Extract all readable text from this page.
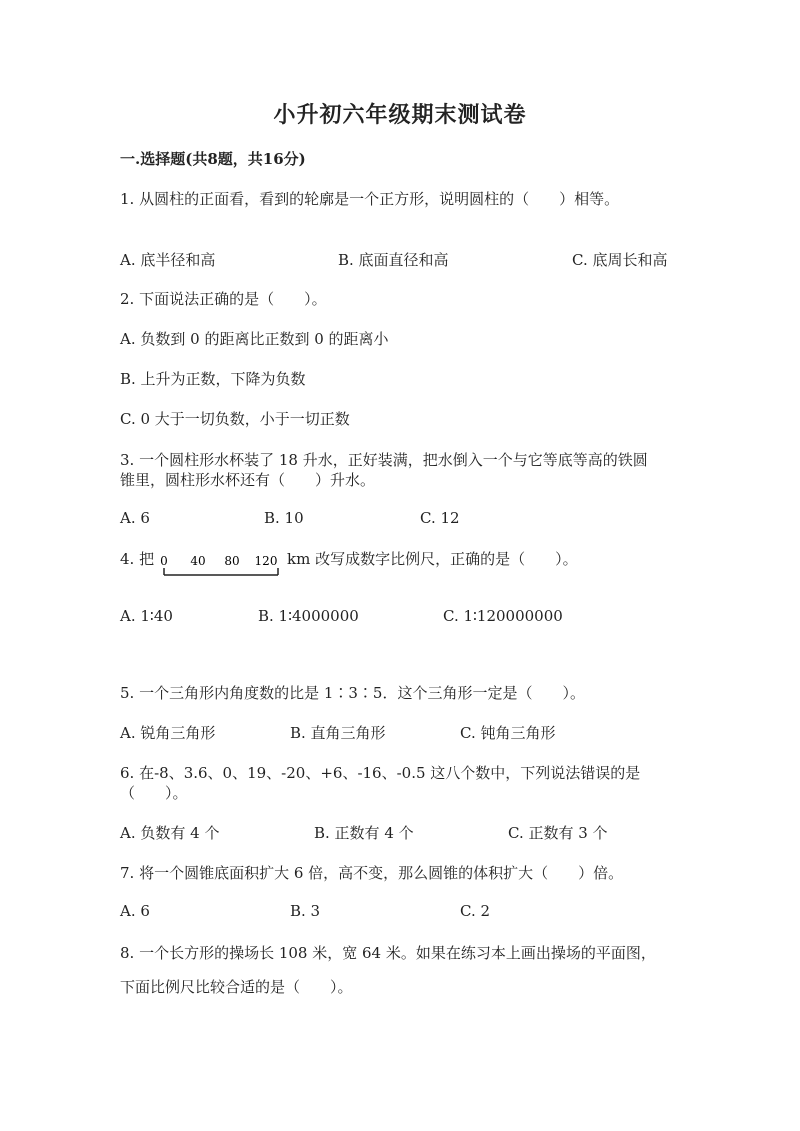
小升初六年级期末测试卷
一.选择题(共8题，共16分)
1. 从圆柱的正面看，看到的轮廓是一个正方形，说明圆柱的（　　）相等。
A. 底半径和高	B. 底面直径和高	C. 底周长和高
2. 下面说法正确的是（　　）。
A. 负数到 0 的距离比正数到 0 的距离小
B. 上升为正数，下降为负数
C. 0 大于一切负数，小于一切正数
3. 一个圆柱形水杯装了 18 升水，正好装满，把水倒入一个与它等底等高的铁圆
锥里，圆柱形水杯还有（　　）升水。
A. 6	B. 10	C. 12
4. 把 0 40 80 120 km 改写成数字比例尺，正确的是（　　）。
A. 1∶40	B. 1∶4000000	C. 1∶120000000
5. 一个三角形内角度数的比是 1∶3∶5．这个三角形一定是（　　）。
A. 锐角三角形	B. 直角三角形	C. 钝角三角形
6. 在-8、3.6、0、19、-20、+6、-16、-0.5 这八个数中，下列说法错误的是
（　　）。
A. 负数有 4 个	B. 正数有 4 个	C. 正数有 3 个
7. 将一个圆锥底面积扩大 6 倍，高不变，那么圆锥的体积扩大（　　）倍。
A. 6	B. 3	C. 2
8. 一个长方形的操场长 108 米，宽 64 米。如果在练习本上画出操场的平面图，
下面比例尺比较合适的是（　　）。
